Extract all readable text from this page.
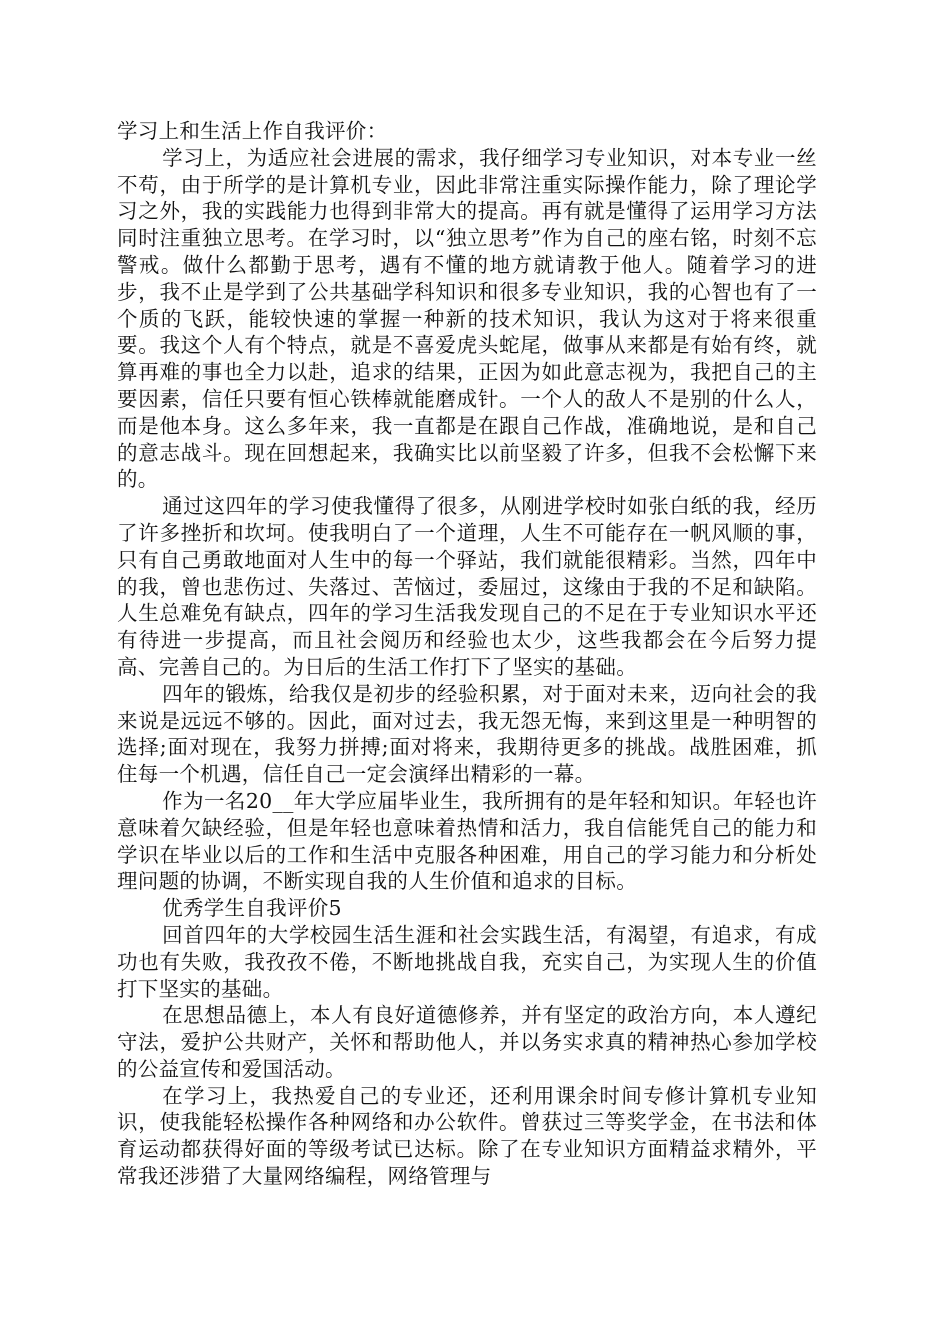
学习上和生活上作自我评价：

学习上，为适应社会进展的需求，我仔细学习专业知识，对本专业一丝不苟，由于所学的是计算机专业，因此非常注重实际操作能力，除了理论学习之外，我的实践能力也得到非常大的提高。再有就是懂得了运用学习方法同时注重独立思考。在学习时，以“独立思考”作为自己的座右铭，时刻不忘警戒。做什么都勤于思考，遇有不懂的地方就请教于他人。随着学习的进步，我不止是学到了公共基础学科知识和很多专业知识，我的心智也有了一个质的飞跃，能较快速的掌握一种新的技术知识，我认为这对于将来很重要。我这个人有个特点，就是不喜爱虎头蛇尾，做事从来都是有始有终，就算再难的事也全力以赴，追求的结果，正因为如此意志视为，我把自己的主要因素，信任只要有恒心铁棒就能磨成针。一个人的敌人不是别的什么人，而是他本身。这么多年来，我一直都是在跟自己作战，准确地说，是和自己的意志战斗。现在回想起来，我确实比以前坚毅了许多，但我不会松懈下来的。

通过这四年的学习使我懂得了很多，从刚进学校时如张白纸的我，经历了许多挫折和坎坷。使我明白了一个道理，人生不可能存在一帆风顺的事，只有自己勇敢地面对人生中的每一个驿站，我们就能很精彩。当然，四年中的我，曾也悲伤过、失落过、苦恼过，委屈过，这缘由于我的不足和缺陷。人生总难免有缺点，四年的学习生活我发现自己的不足在于专业知识水平还有待进一步提高，而且社会阅历和经验也太少，这些我都会在今后努力提高、完善自己的。为日后的生活工作打下了坚实的基础。

四年的锻炼，给我仅是初步的经验积累，对于面对未来，迈向社会的我来说是远远不够的。因此，面对过去，我无怨无悔，来到这里是一种明智的选择;面对现在，我努力拼搏;面对将来，我期待更多的挑战。战胜困难，抓住每一个机遇，信任自己一定会演绎出精彩的一幕。

作为一名20__年大学应届毕业生，我所拥有的是年轻和知识。年轻也许意味着欠缺经验，但是年轻也意味着热情和活力，我自信能凭自己的能力和学识在毕业以后的工作和生活中克服各种困难，用自己的学习能力和分析处理问题的协调，不断实现自我的人生价值和追求的目标。

优秀学生自我评价5

回首四年的大学校园生活生涯和社会实践生活，有渴望，有追求，有成功也有失败，我孜孜不倦，不断地挑战自我，充实自己，为实现人生的价值打下坚实的基础。

在思想品德上，本人有良好道德修养，并有坚定的政治方向，本人遵纪守法，爱护公共财产，关怀和帮助他人，并以务实求真的精神热心参加学校的公益宣传和爱国活动。

在学习上，我热爱自己的专业还，还利用课余时间专修计算机专业知识，使我能轻松操作各种网络和办公软件。曾获过三等奖学金，在书法和体育运动都获得好面的等级考试已达标。除了在专业知识方面精益求精外，平常我还涉猎了大量网络编程，网络管理与
